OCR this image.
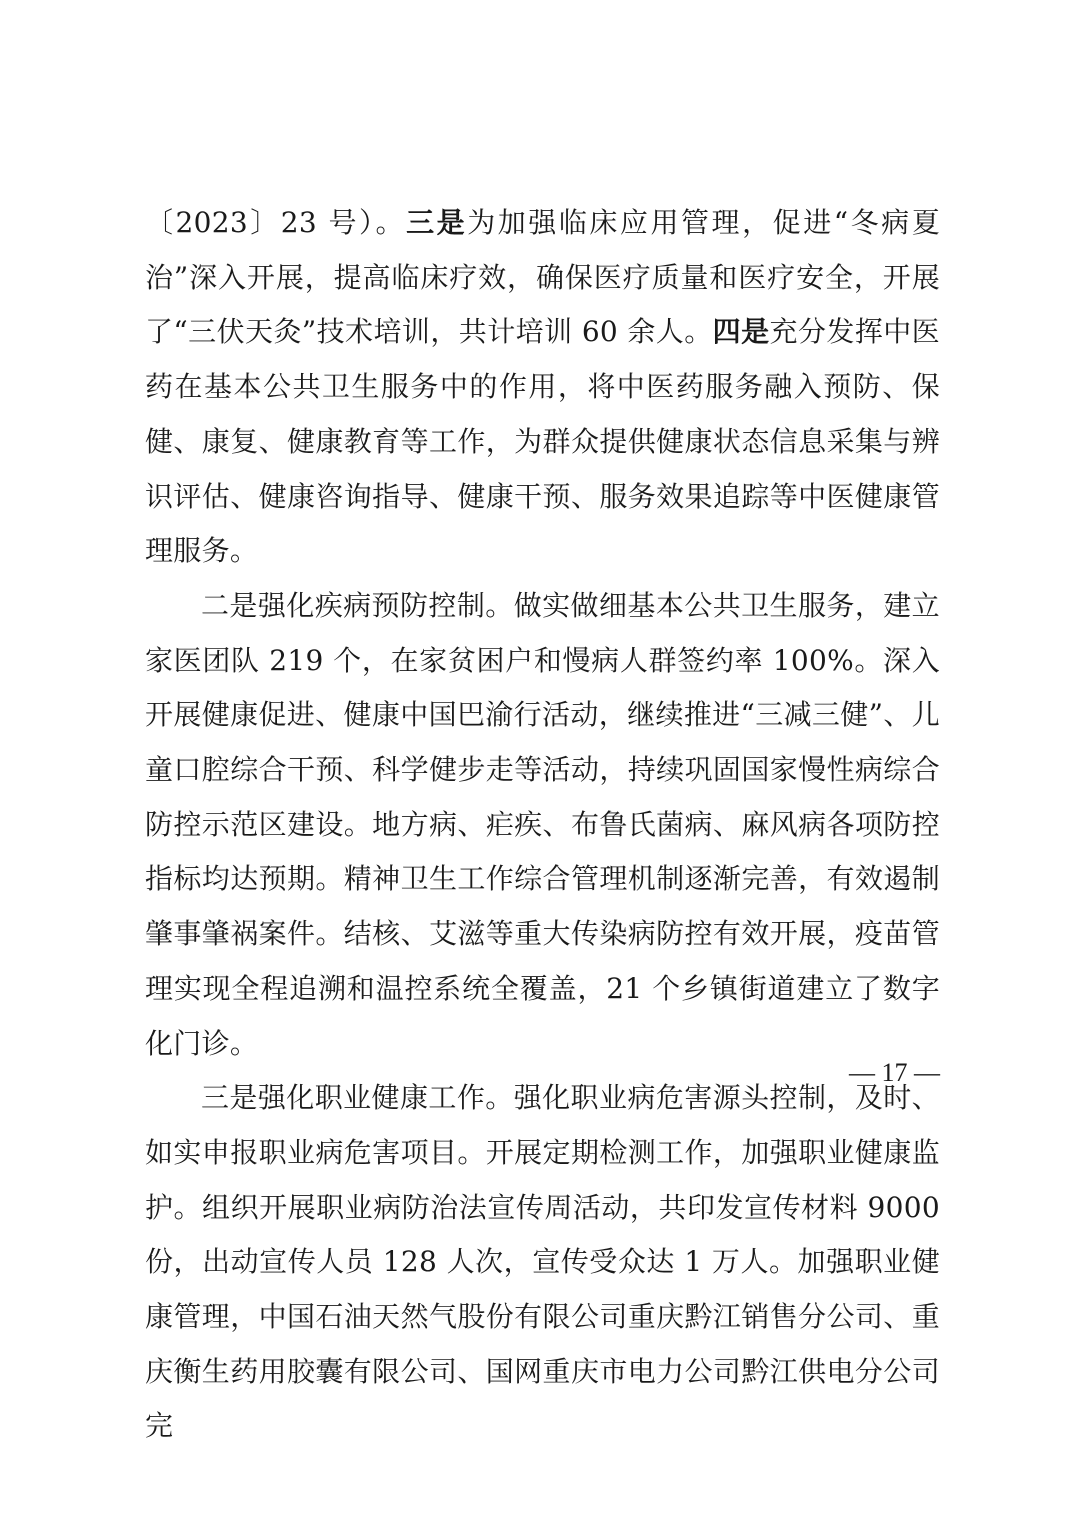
〔2023〕23 号）。三是为加强临床应用管理，促进“冬病夏治”深入开展，提高临床疗效，确保医疗质量和医疗安全，开展了“三伏天灸”技术培训，共计培训 60 余人。四是充分发挥中医药在基本公共卫生服务中的作用，将中医药服务融入预防、保健、康复、健康教育等工作，为群众提供健康状态信息采集与辨识评估、健康咨询指导、健康干预、服务效果追踪等中医健康管理服务。

二是强化疾病预防控制。做实做细基本公共卫生服务，建立家医团队 219 个，在家贫困户和慢病人群签约率 100%。深入开展健康促进、健康中国巴渝行活动，继续推进“三减三健”、儿童口腔综合干预、科学健步走等活动，持续巩固国家慢性病综合防控示范区建设。地方病、疟疾、布鲁氏菌病、麻风病各项防控指标均达预期。精神卫生工作综合管理机制逐渐完善，有效遏制肇事肇祸案件。结核、艾滋等重大传染病防控有效开展，疫苗管理实现全程追溯和温控系统全覆盖，21 个乡镇街道建立了数字化门诊。

三是强化职业健康工作。强化职业病危害源头控制，及时、如实申报职业病危害项目。开展定期检测工作，加强职业健康监护。组织开展职业病防治法宣传周活动，共印发宣传材料 9000 份，出动宣传人员 128 人次，宣传受众达 1 万人。加强职业健康管理，中国石油天然气股份有限公司重庆黔江销售分公司、重庆衡生药用胶囊有限公司、国网重庆市电力公司黔江供电分公司完

— 17 —
